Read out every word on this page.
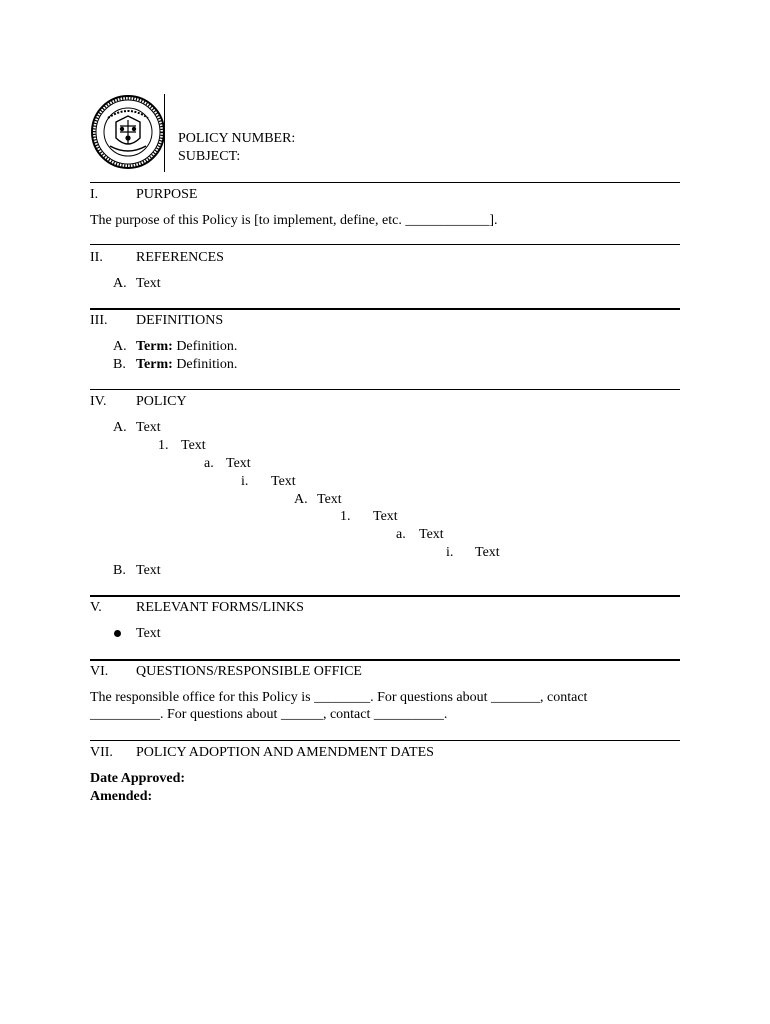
POLICY NUMBER:
SUBJECT:
I.	PURPOSE
The purpose of this Policy is [to implement, define, etc. ____________].
II. REFERENCES
A. Text
III. DEFINITIONS
A. Term: Definition.
B. Term: Definition.
IV. POLICY
A. Text
1. Text
a. Text
i. Text
A. Text
1. Text
a. Text
i. Text
B. Text
V. RELEVANT FORMS/LINKS
Text
VI. QUESTIONS/RESPONSIBLE OFFICE
The responsible office for this Policy is ________. For questions about _______, contact
__________. For questions about ______, contact __________.
VII. POLICY ADOPTION AND AMENDMENT DATES
Date Approved:
Amended:
